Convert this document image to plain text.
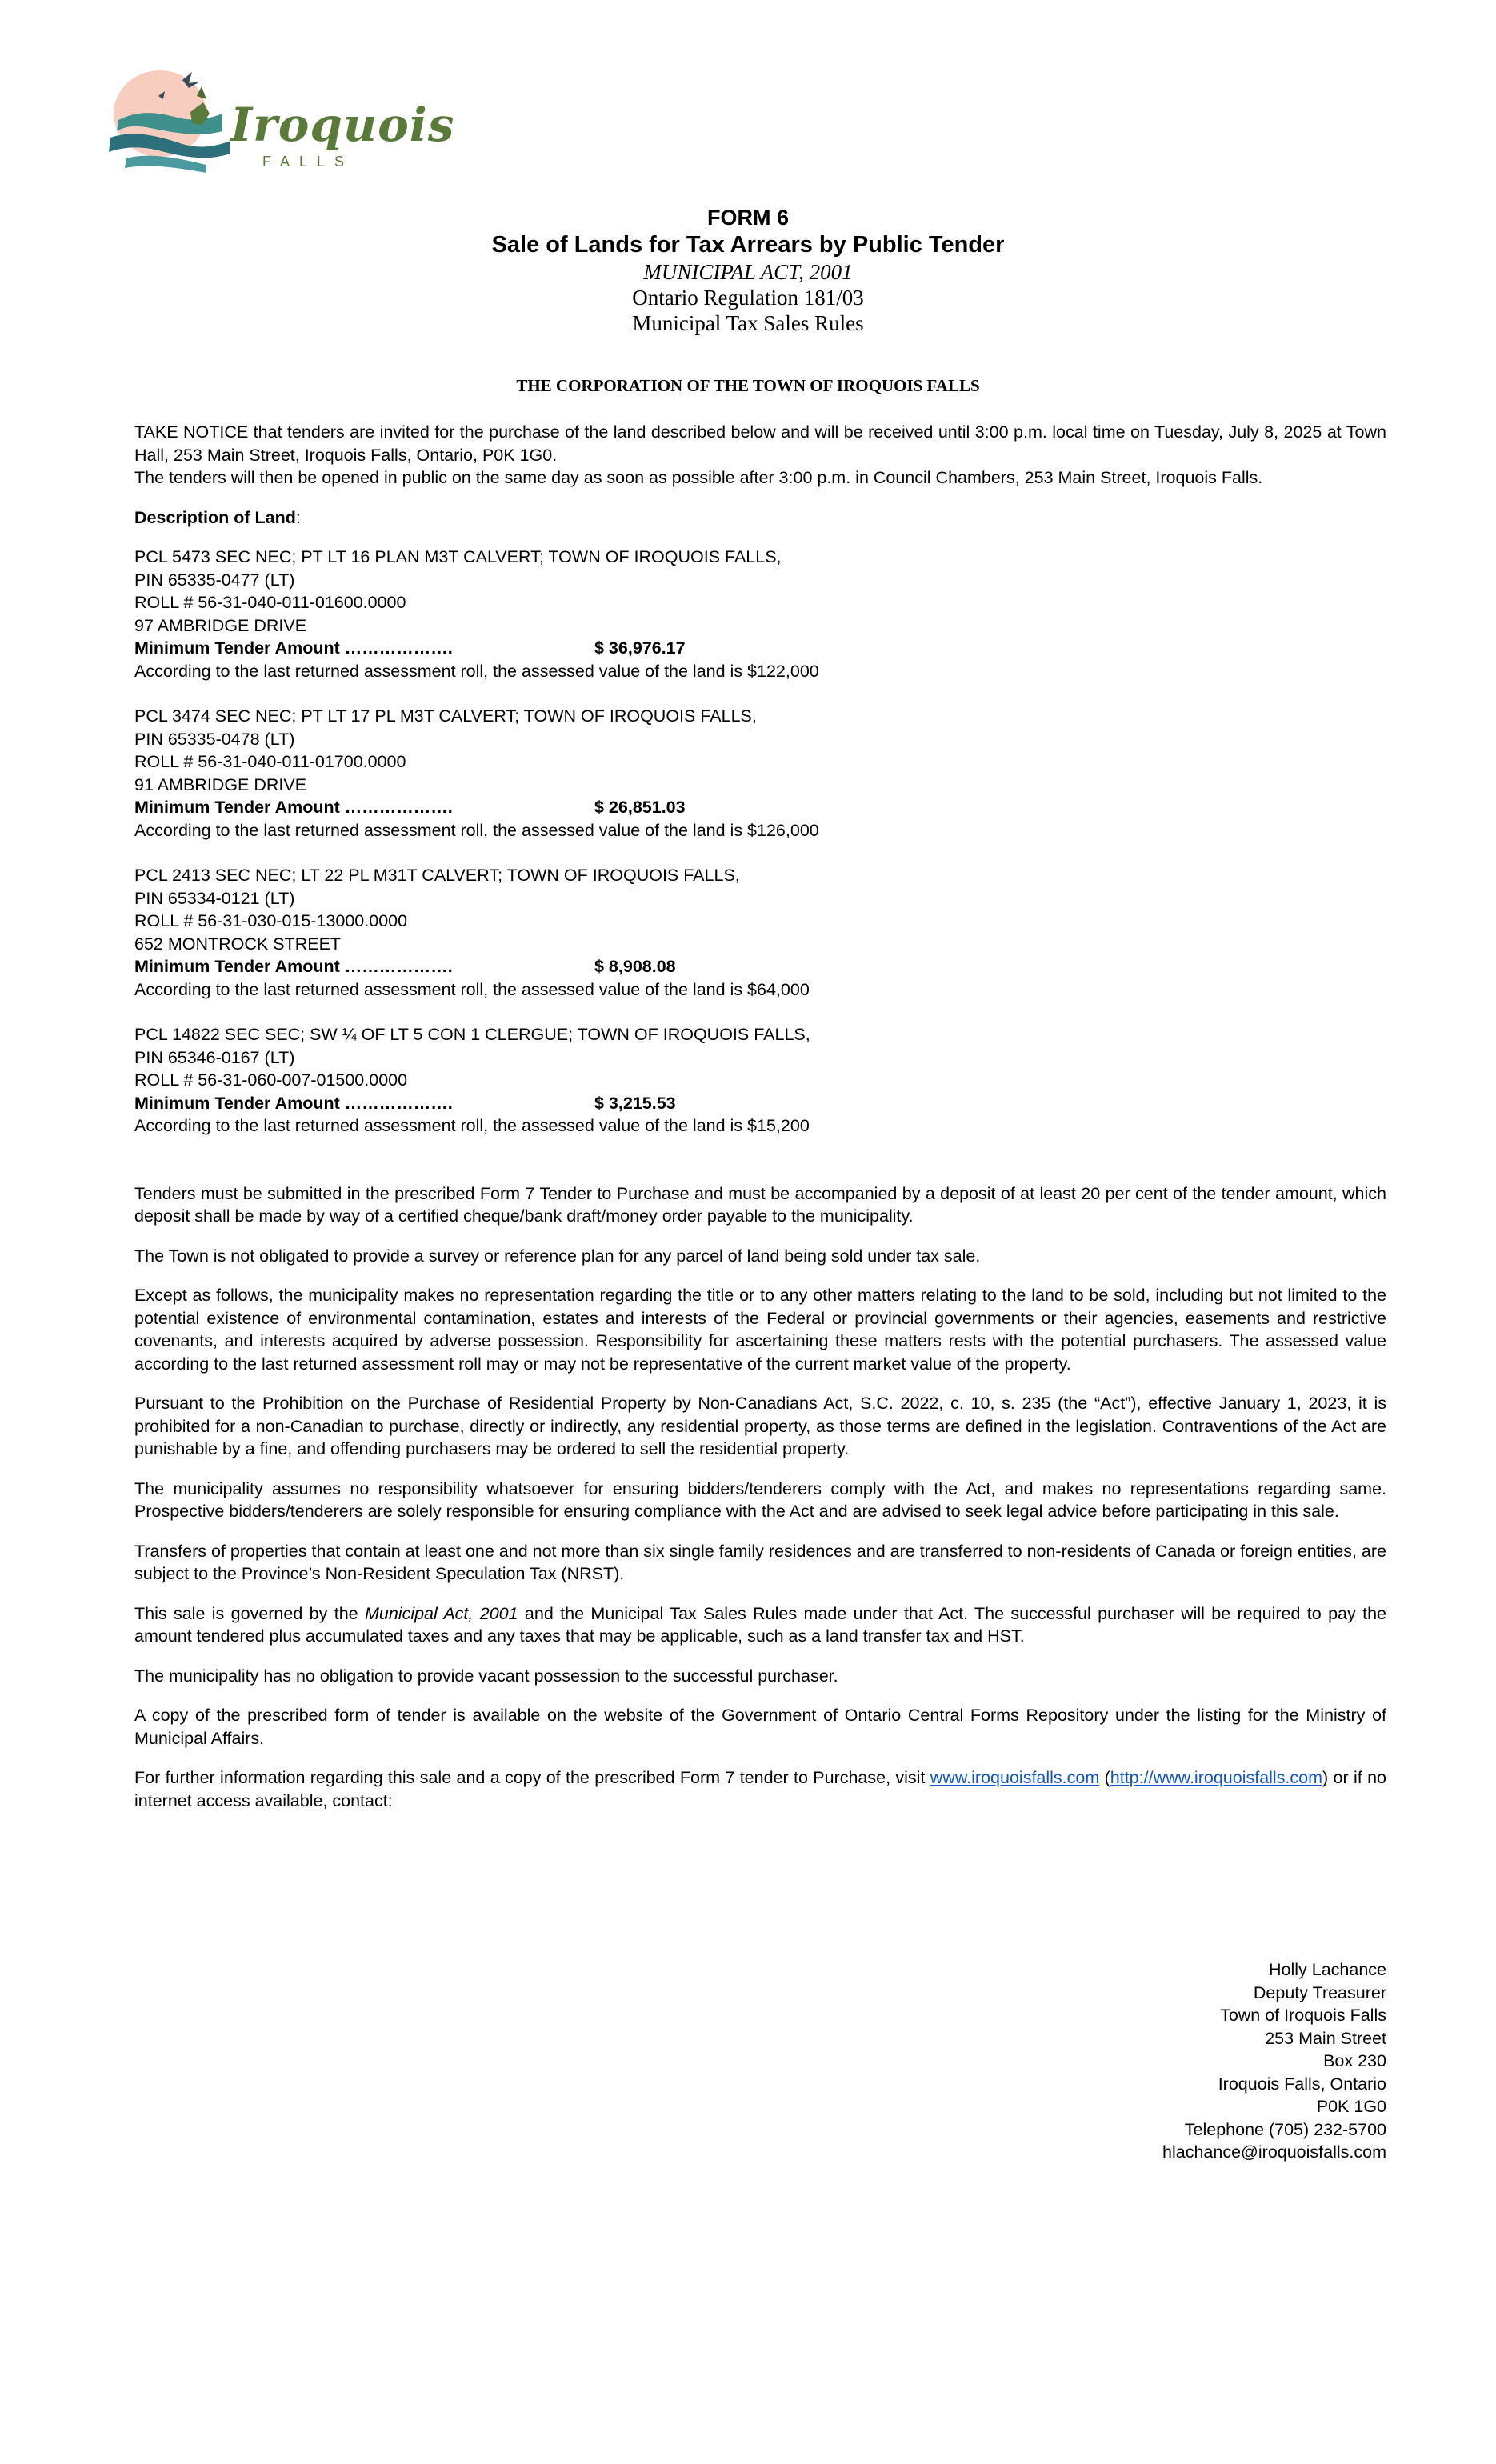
Iroquois
FALLS
FORM 6
Sale of Lands for Tax Arrears by Public Tender
MUNICIPAL ACT, 2001
Ontario Regulation 181/03
Municipal Tax Sales Rules
THE CORPORATION OF THE TOWN OF IROQUOIS FALLS

TAKE NOTICE that tenders are invited for the purchase of the land described below and will be received until 3:00 p.m. local time on Tuesday, July 8, 2025 at Town Hall, 253 Main Street, Iroquois Falls, Ontario, P0K 1G0.

The tenders will then be opened in public on the same day as soon as possible after 3:00 p.m. in Council Chambers, 253 Main Street, Iroquois Falls.

Description of Land:

PCL 5473 SEC NEC; PT LT 16 PLAN M3T CALVERT; TOWN OF IROQUOIS FALLS,
PIN 65335-0477 (LT)
ROLL # 56-31-040-011-01600.0000
97 AMBRIDGE DRIVE
Minimum Tender Amount ……………….	$ 36,976.17
According to the last returned assessment roll, the assessed value of the land is $122,000
PCL 3474 SEC NEC; PT LT 17 PL M3T CALVERT; TOWN OF IROQUOIS FALLS,
PIN 65335-0478 (LT)
ROLL # 56-31-040-011-01700.0000
91 AMBRIDGE DRIVE
Minimum Tender Amount ……………….	$ 26,851.03
According to the last returned assessment roll, the assessed value of the land is $126,000
PCL 2413 SEC NEC; LT 22 PL M31T CALVERT; TOWN OF IROQUOIS FALLS,
PIN 65334-0121 (LT)
ROLL # 56-31-030-015-13000.0000
652 MONTROCK STREET
Minimum Tender Amount ……………….	$ 8,908.08
According to the last returned assessment roll, the assessed value of the land is $64,000
PCL 14822 SEC SEC; SW ¼ OF LT 5 CON 1 CLERGUE; TOWN OF IROQUOIS FALLS,
PIN 65346-0167 (LT)
ROLL # 56-31-060-007-01500.0000
Minimum Tender Amount ……………….	$ 3,215.53
According to the last returned assessment roll, the assessed value of the land is $15,200

Tenders must be submitted in the prescribed Form 7 Tender to Purchase and must be accompanied by a deposit of at least 20 per cent of the tender amount, which deposit shall be made by way of a certified cheque/bank draft/money order payable to the municipality.

The Town is not obligated to provide a survey or reference plan for any parcel of land being sold under tax sale.

Except as follows, the municipality makes no representation regarding the title or to any other matters relating to the land to be sold, including but not limited to the potential existence of environmental contamination, estates and interests of the Federal or provincial governments or their agencies, easements and restrictive covenants, and interests acquired by adverse possession. Responsibility for ascertaining these matters rests with the potential purchasers. The assessed value according to the last returned assessment roll may or may not be representative of the current market value of the property.

Pursuant to the Prohibition on the Purchase of Residential Property by Non-Canadians Act, S.C. 2022, c. 10, s. 235 (the “Act”), effective January 1, 2023, it is prohibited for a non-Canadian to purchase, directly or indirectly, any residential property, as those terms are defined in the legislation. Contraventions of the Act are punishable by a fine, and offending purchasers may be ordered to sell the residential property.

The municipality assumes no responsibility whatsoever for ensuring bidders/tenderers comply with the Act, and makes no representations regarding same. Prospective bidders/tenderers are solely responsible for ensuring compliance with the Act and are advised to seek legal advice before participating in this sale.

Transfers of properties that contain at least one and not more than six single family residences and are transferred to non-residents of Canada or foreign entities, are subject to the Province’s Non-Resident Speculation Tax (NRST).

This sale is governed by the Municipal Act, 2001 and the Municipal Tax Sales Rules made under that Act. The successful purchaser will be required to pay the amount tendered plus accumulated taxes and any taxes that may be applicable, such as a land transfer tax and HST.

The municipality has no obligation to provide vacant possession to the successful purchaser.

A copy of the prescribed form of tender is available on the website of the Government of Ontario Central Forms Repository under the listing for the Ministry of Municipal Affairs.

For further information regarding this sale and a copy of the prescribed Form 7 tender to Purchase, visit www.iroquoisfalls.com (http://www.iroquoisfalls.com) or if no internet access available, contact:

Holly Lachance
Deputy Treasurer
Town of Iroquois Falls
253 Main Street
Box 230
Iroquois Falls, Ontario
P0K 1G0
Telephone (705) 232-5700
hlachance@iroquoisfalls.com
